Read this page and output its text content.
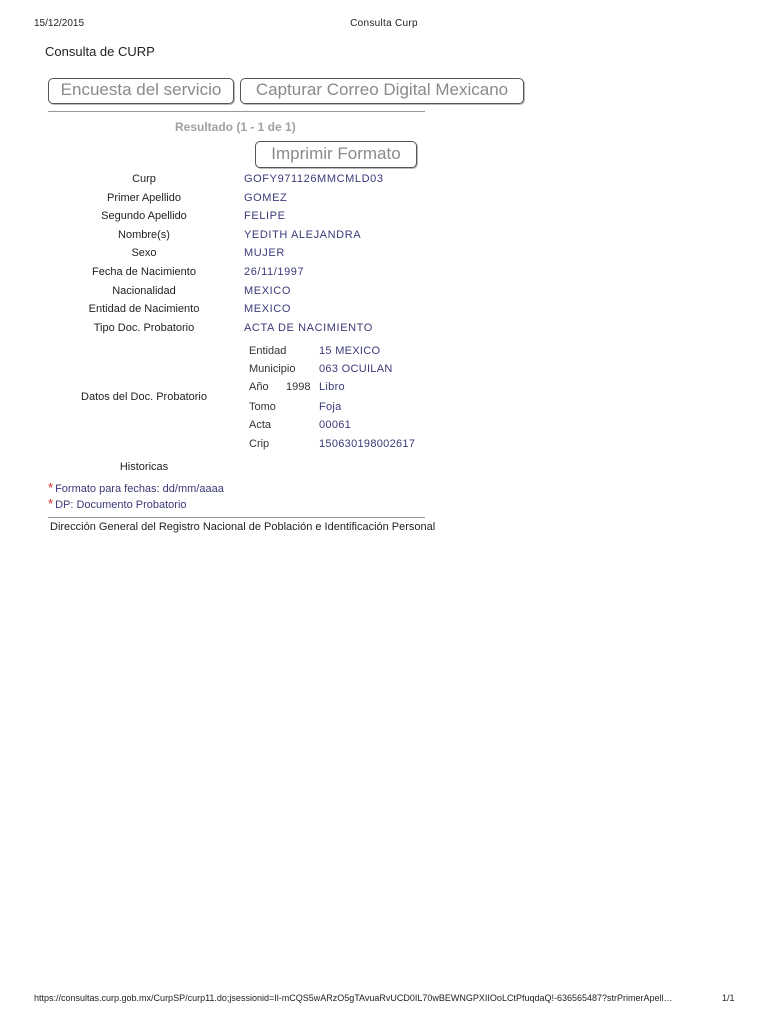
15/12/2015	Consulta Curp
Consulta de CURP
Encuesta del servicio	Capturar Correo Digital Mexicano
Resultado (1 - 1 de 1)
Imprimir Formato
Curp	GOFY971126MMCMLD03
Primer Apellido	GOMEZ
Segundo Apellido	FELIPE
Nombre(s)	YEDITH ALEJANDRA
Sexo	MUJER
Fecha de Nacimiento	26/11/1997
Nacionalidad	MEXICO
Entidad de Nacimiento	MEXICO
Tipo Doc. Probatorio	ACTA DE NACIMIENTO
Datos del Doc. Probatorio
Entidad	15 MEXICO
Municipio 063 OCUILAN
Año 1998 Libro
Tomo	Foja
Acta	00061
Crip	150630198002617
Historicas
* Formato para fechas: dd/mm/aaaa
* DP: Documento Probatorio
Dirección General del Registro Nacional de Población e Identificación Personal
https://consultas.curp.gob.mx/CurpSP/curp11.do;jsessionid=Il-mCQS5wARzO5gTAvuaRvUCD0IL70wBEWNGPXIIOoLCtPfuqdaQ!-636565487?strPrimerApell…	1/1
